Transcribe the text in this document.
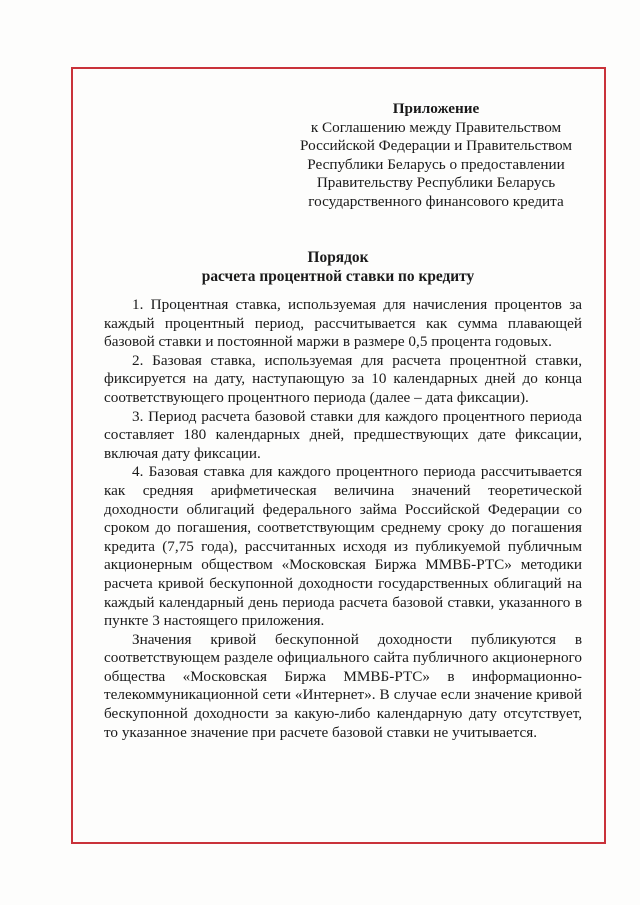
Приложение

к Соглашению между Правительством

Российской Федерации и Правительством

Республики Беларусь о предоставлении

Правительству Республики Беларусь

государственного финансового кредита

Порядок
расчета процентной ставки по кредиту

1. Процентная ставка, используемая для начисления процентов за каждый процентный период, рассчитывается как сумма плавающей базовой ставки и постоянной маржи в размере 0,5 процента годовых.

2. Базовая ставка, используемая для расчета процентной ставки, фиксируется на дату, наступающую за 10 календарных дней до конца соответствующего процентного периода (далее – дата фиксации).

3. Период расчета базовой ставки для каждого процентного периода составляет 180 календарных дней, предшествующих дате фиксации, включая дату фиксации.

4. Базовая ставка для каждого процентного периода рассчитывается как средняя арифметическая величина значений теоретической доходности облигаций федерального займа Российской Федерации со сроком до погашения, соответствующим среднему сроку до погашения кредита (7,75 года), рассчитанных исходя из публикуемой публичным акционерным обществом «Московская Биржа ММВБ-РТС» методики расчета кривой бескупонной доходности государственных облигаций на каждый календарный день периода расчета базовой ставки, указанного в пункте 3 настоящего приложения.

Значения кривой бескупонной доходности публикуются в соответствующем разделе официального сайта публичного акционерного общества «Московская Биржа ММВБ-РТС» в информационно-телекоммуникационной сети «Интернет». В случае если значение кривой бескупонной доходности за какую-либо календарную дату отсутствует, то указанное значение при расчете базовой ставки не учитывается.
